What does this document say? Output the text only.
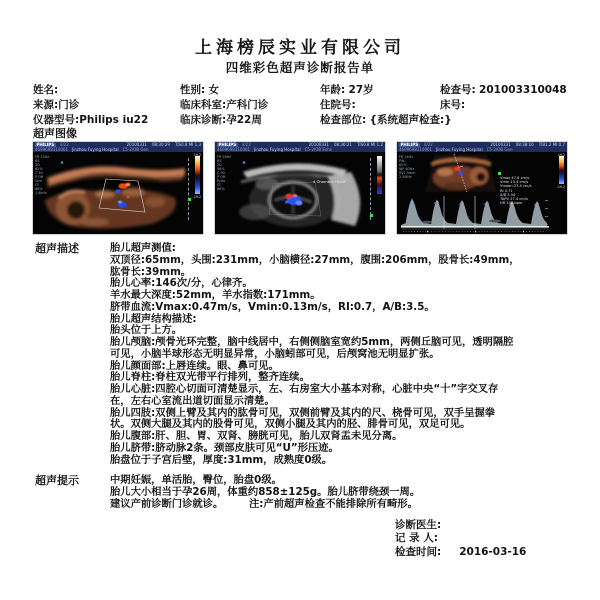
上海榜辰实业有限公司
四维彩色超声诊断报告单
姓名:	性别: 女	年龄: 27岁	检查号: 201003310048
来源:门诊	临床科室:产科门诊	住院号:	床号:
仪器型号:Philips iu22	临床诊断:孕22周	检查部位: {系统超声检查:}
超声图像
PHILIPS	iU22	20100331 08:30:29 TIS0.8 MI 1.3
4699698310001 Jinzhou Fuying Hospital C5-2/OB Gen
FR 13Hz
RS
2D
62%
C 50
P Off
Gen
CF
68%
1.4kHz
19.2
-19.2
PHILIPS	iU22	20100331 08:36:21 TIS0.8 MI 1.2
4699698310001 Jinzhou Fuying Hospital C5-2/OB Echo
FR 18Hz
RS
2D
58%
C 50
P Off
Echo
CF
66%
4 Chamber Heart
PHILIPS	iU22	20100331 08:38:16 TIB1.2 MI 0.7
4699698310001 Jinzhou Fuying Hospital C5-2/OB Gen
FR 14Hz
PW
62%
WF 60Hz
SV1.5mm
2.5MHz	Vmax 47.6 cm/s
Vmin 13.4 cm/s
Vmean 27.4 cm/s
RI 0.71
A/B 3.54
TAPV 27.4 cm/s
HR 146 bpm
19.2
-19.2
超声描述	胎儿超声测值:
双顶径:65mm，头围:231mm，小脑横径:27mm，腹围:206mm，股骨长:49mm，
肱骨长:39mm。
胎儿心率:146次/分，心律齐。
羊水最大深度:52mm，羊水指数:171mm。
脐带血流:Vmax:0.47m/s，Vmin:0.13m/s，RI:0.7，A/B:3.5。
胎儿超声结构描述:
胎头位于上方。
胎儿颅脑:颅骨光环完整，脑中线居中，右侧侧脑室宽约5mm，两侧丘脑可见，透明隔腔
可见，小脑半球形态无明显异常，小脑蚓部可见，后颅窝池无明显扩张。
胎儿颜面部:上唇连续。眼、鼻可见。
胎儿脊柱:脊柱双光带平行排列，整齐连续。
胎儿心脏:四腔心切面可清楚显示，左、右房室大小基本对称，心脏中央“十”字交叉存
在，左右心室流出道切面显示清楚。
胎儿四肢:双侧上臂及其内的肱骨可见，双侧前臂及其内的尺、桡骨可见，双手呈握拳
状。双侧大腿及其内的股骨可见，双侧小腿及其内的胫、腓骨可见，双足可见。
胎儿腹部:肝、胆、胃、双肾、膀胱可见，胎儿双肾盂未见分离。
胎儿脐带:脐动脉2条。颈部皮肤可见“U”形压迹。
胎盘位于子宫后壁，厚度:31mm，成熟度0级。
超声提示	中期妊娠，单活胎，臀位，胎盘0级。
胎儿大小相当于孕26周，体重约858±125g。胎儿脐带绕颈一周。
建议产前诊断门诊就诊。　　　注:产前超声检查不能排除所有畸形。
诊断医生:
记 录 人:
检查时间: 2016-03-16
